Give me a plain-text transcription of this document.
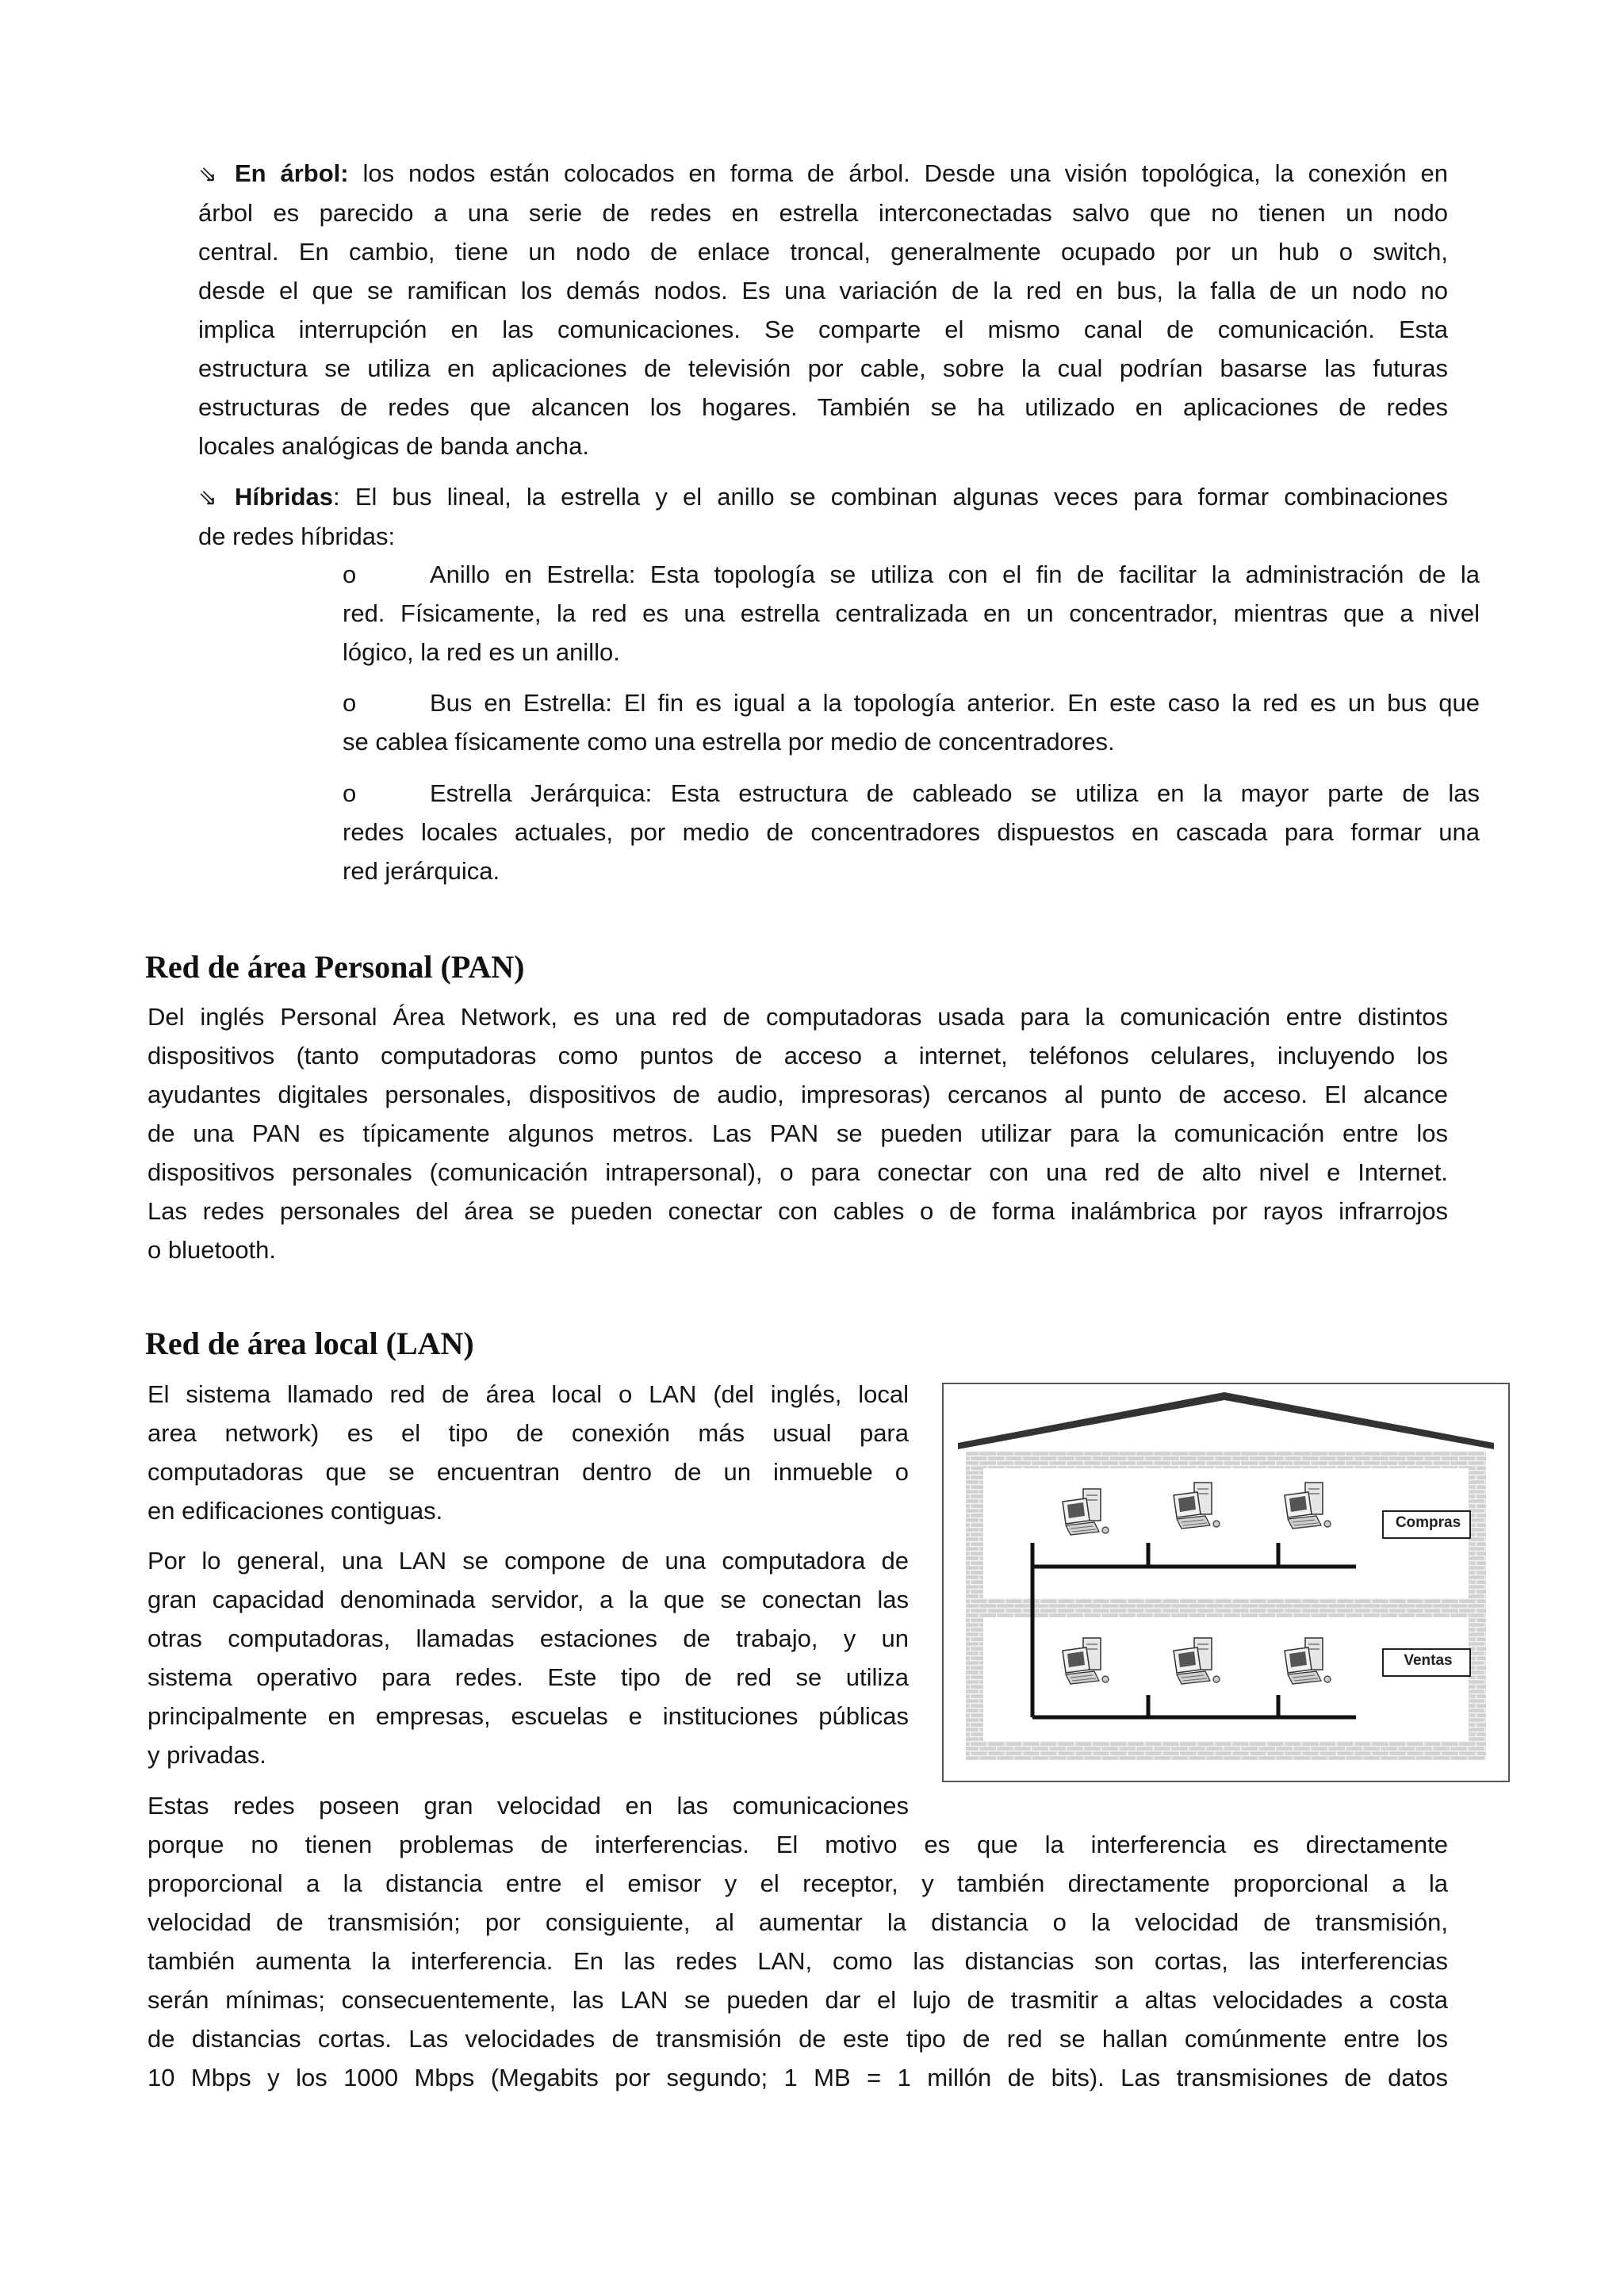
⇘ En árbol: los nodos están colocados en forma de árbol. Desde una visión topológica, la conexión en
árbol es parecido a una serie de redes en estrella interconectadas salvo que no tienen un nodo
central. En cambio, tiene un nodo de enlace troncal, generalmente ocupado por un hub o switch,
desde el que se ramifican los demás nodos. Es una variación de la red en bus, la falla de un nodo no
implica interrupción en las comunicaciones. Se comparte el mismo canal de comunicación. Esta
estructura se utiliza en aplicaciones de televisión por cable, sobre la cual podrían basarse las futuras
estructuras de redes que alcancen los hogares. También se ha utilizado en aplicaciones de redes
locales analógicas de banda ancha.
⇘ Híbridas: El bus lineal, la estrella y el anillo se combinan algunas veces para formar combinaciones
de redes híbridas:
o	Anillo en Estrella: Esta topología se utiliza con el fin de facilitar la administración de la
red. Físicamente, la red es una estrella centralizada en un concentrador, mientras que a nivel
lógico, la red es un anillo.
o	Bus en Estrella: El fin es igual a la topología anterior. En este caso la red es un bus que
se cablea físicamente como una estrella por medio de concentradores.
o	Estrella Jerárquica: Esta estructura de cableado se utiliza en la mayor parte de las
redes locales actuales, por medio de concentradores dispuestos en cascada para formar una
red jerárquica.
Red de área Personal (PAN)
Del inglés Personal Área Network, es una red de computadoras usada para la comunicación entre distintos
dispositivos (tanto computadoras como puntos de acceso a internet, teléfonos celulares, incluyendo los
ayudantes digitales personales, dispositivos de audio, impresoras) cercanos al punto de acceso. El alcance
de una PAN es típicamente algunos metros. Las PAN se pueden utilizar para la comunicación entre los
dispositivos personales (comunicación intrapersonal), o para conectar con una red de alto nivel e Internet.
Las redes personales del área se pueden conectar con cables o de forma inalámbrica por rayos infrarrojos
o bluetooth.
Red de área local (LAN)
El sistema llamado red de área local o LAN (del inglés, local
area network) es el tipo de conexión más usual para
computadoras que se encuentran dentro de un inmueble o
en edificaciones contiguas.
Por lo general, una LAN se compone de una computadora de
gran capacidad denominada servidor, a la que se conectan las
otras computadoras, llamadas estaciones de trabajo, y un
sistema operativo para redes. Este tipo de red se utiliza
principalmente en empresas, escuelas e instituciones públicas
y privadas.
Estas redes poseen gran velocidad en las comunicaciones
porque no tienen problemas de interferencias. El motivo es que la interferencia es directamente
proporcional a la distancia entre el emisor y el receptor, y también directamente proporcional a la
velocidad de transmisión; por consiguiente, al aumentar la distancia o la velocidad de transmisión,
también aumenta la interferencia. En las redes LAN, como las distancias son cortas, las interferencias
serán mínimas; consecuentemente, las LAN se pueden dar el lujo de trasmitir a altas velocidades a costa
de distancias cortas. Las velocidades de transmisión de este tipo de red se hallan comúnmente entre los
10 Mbps y los 1000 Mbps (Megabits por segundo; 1 MB = 1 millón de bits). Las transmisiones de datos
Compras
Ventas
